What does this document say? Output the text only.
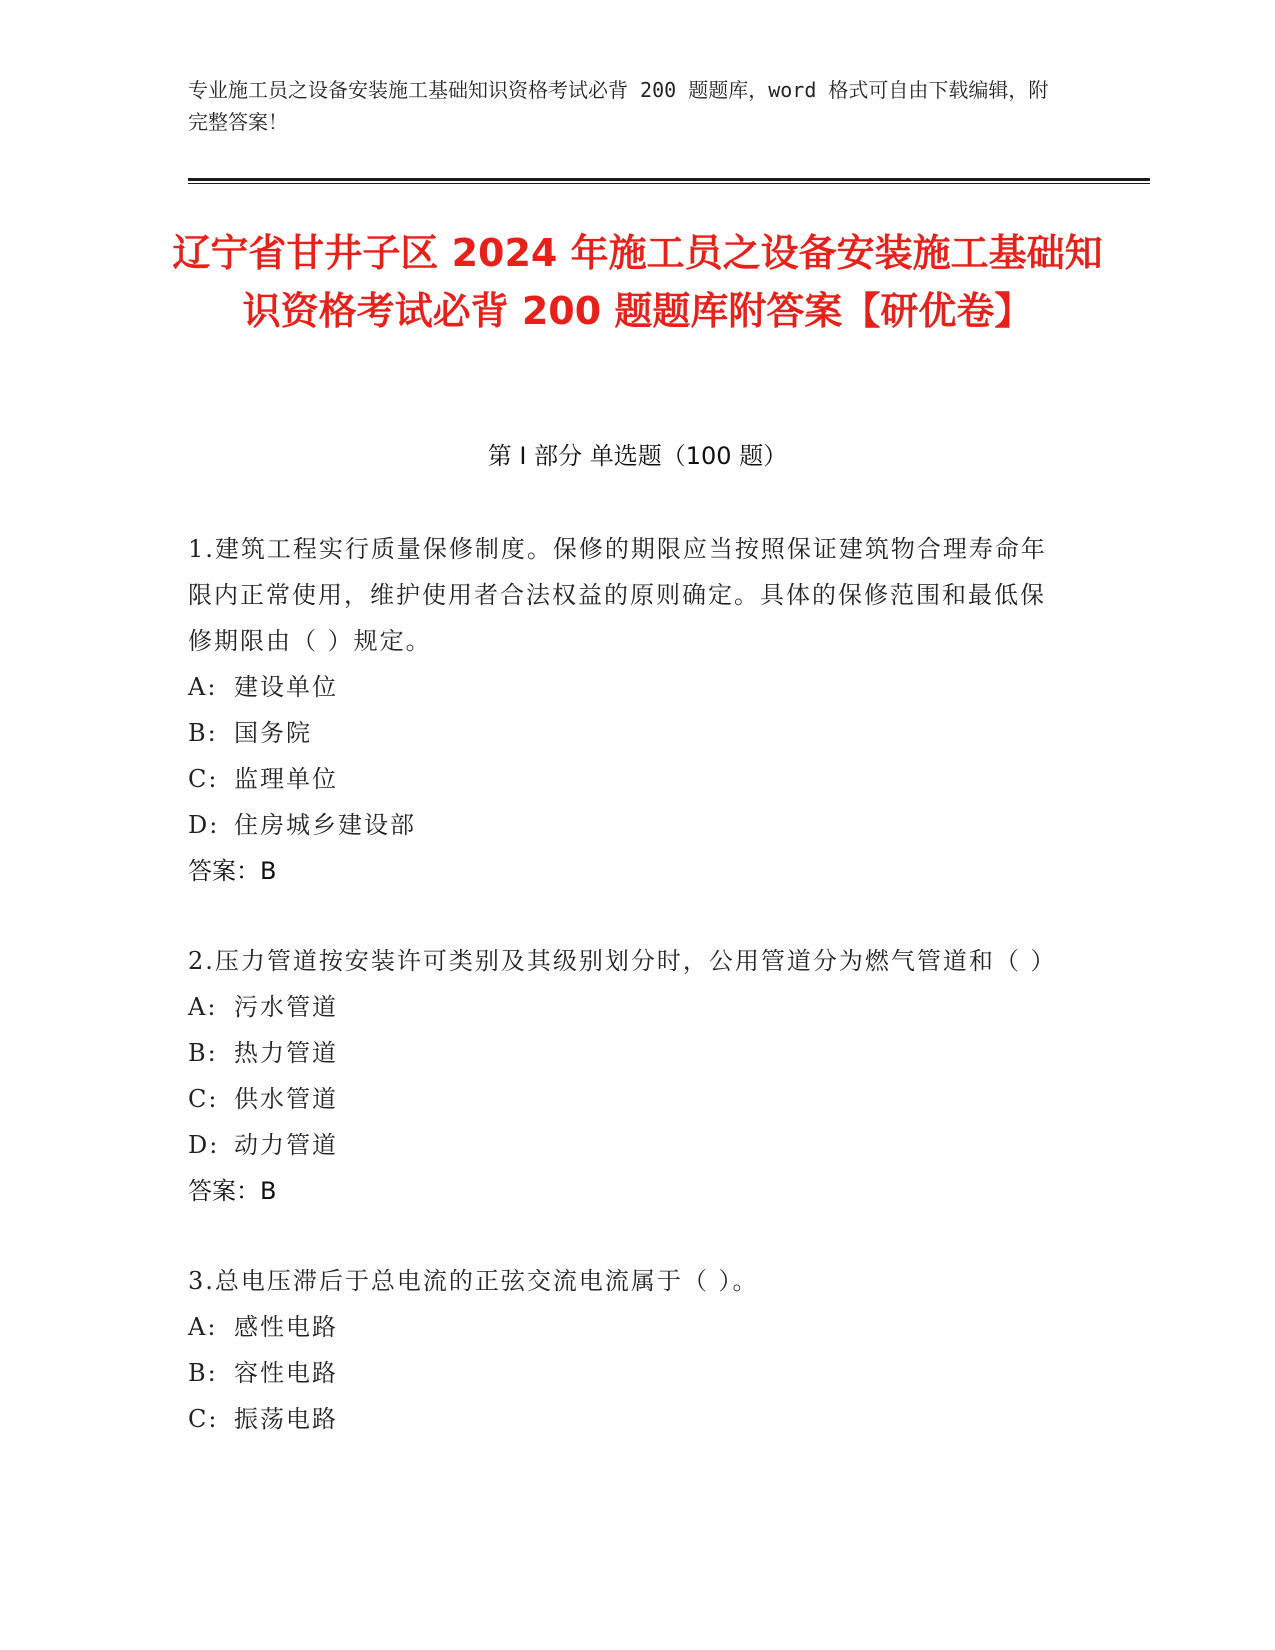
专业施工员之设备安装施工基础知识资格考试必背 200 题题库，word 格式可自由下载编辑，附完整答案！
辽宁省甘井子区 2024 年施工员之设备安装施工基础知识资格考试必背 200 题题库附答案【研优卷】
第 I 部分 单选题（100 题）

1.建筑工程实行质量保修制度。保修的期限应当按照保证建筑物合理寿命年限内正常使用，维护使用者合法权益的原则确定。具体的保修范围和最低保修期限由（ ）规定。

A: 建设单位
B: 国务院
C: 监理单位
D: 住房城乡建设部
答案：B

2.压力管道按安装许可类别及其级别划分时，公用管道分为燃气管道和（ ）

A: 污水管道
B: 热力管道
C: 供水管道
D: 动力管道
答案：B

3.总电压滞后于总电流的正弦交流电流属于（ ）。

A: 感性电路
B: 容性电路
C: 振荡电路
